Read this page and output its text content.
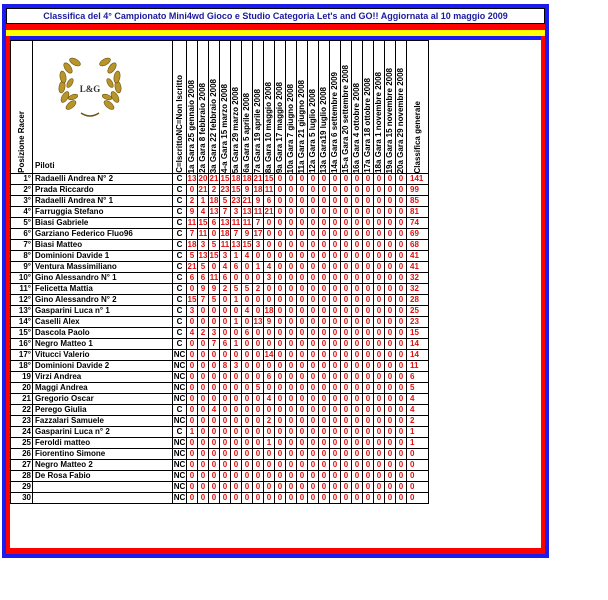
Classifica del 4° Campionato Mini4wd Gioco e Studio Categoria Let's and GO!! Aggiornata al 10 maggio 2009
Posizione Racer	L&G
Piloti	C=IscrittoNC=Non Iscritto	1a Gara 25 gennaio 2008	2a Gara 8 febbraio 2008	3a Gara 22 febbraio 2008	4-a Gara 15 marzo 2008	5a Gara 29 marzo 2008	6a Gara 5 aprile 2008	7a Gara 19 aprile 2008	8a Gara 10 maggio 2008	9a Gara 17 maggio 2008	10a Gara 7 giugno 2008	11a Gara 21 giugno 2008	12a Gara 5 luglio 2008	13a Gara19 luglio 2008	14a Gara 6 settembre 2009	15-a Gara 20 settembre 2008	16a Gara 4 ottobre 2008	17a Gara 18 ottobre 2008	18a Gara 1 novembre 2008	19a Gara 15 novembre 2008	20a Gara 29 novembre 2008	Classifica generale

1°	Radaelli Andrea N° 2	C	13	20	21	15	18	18	21	15	0	0	0	0	0	0	0	0	0	0	0	0	141
2°	Prada Riccardo	C	0	21	2	23	15	9	18	11	0	0	0	0	0	0	0	0	0	0	0	0	99
3°	Radaelli Andrea N° 1	C	2	1	18	5	23	21	9	6	0	0	0	0	0	0	0	0	0	0	0	0	85
4°	Farruggia Stefano	C	9	4	13	7	3	13	11	21	0	0	0	0	0	0	0	0	0	0	0	0	81
5°	Biasi Gabriele	C	11	15	6	13	11	11	7	0	0	0	0	0	0	0	0	0	0	0	0	0	74
6°	Garziano Federico Fluo96	C	7	11	0	18	7	9	17	0	0	0	0	0	0	0	0	0	0	0	0	0	69
7°	Biasi Matteo	C	18	3	5	11	13	15	3	0	0	0	0	0	0	0	0	0	0	0	0	0	68
8°	Dominioni Davide 1	C	5	13	15	3	1	4	0	0	0	0	0	0	0	0	0	0	0	0	0	0	41
9°	Ventura Massimiliano	C	21	5	0	4	6	0	1	4	0	0	0	0	0	0	0	0	0	0	0	0	41
10°	Gino Alessandro N° 1	C	6	6	11	6	0	0	0	3	0	0	0	0	0	0	0	0	0	0	0	0	32
11°	Felicetta Mattia	C	0	9	9	2	5	5	2	0	0	0	0	0	0	0	0	0	0	0	0	0	32
12°	Gino Alessandro N° 2	C	15	7	5	0	1	0	0	0	0	0	0	0	0	0	0	0	0	0	0	0	28
13°	Gasparini Luca n° 1	C	3	0	0	0	0	4	0	18	0	0	0	0	0	0	0	0	0	0	0	0	25
14°	Caselli Alex	C	0	0	0	0	1	0	13	9	0	0	0	0	0	0	0	0	0	0	0	0	23
15°	Dascola Paolo	C	4	2	3	0	0	6	0	0	0	0	0	0	0	0	0	0	0	0	0	0	15
16°	Negro Matteo 1	C	0	0	7	6	1	0	0	0	0	0	0	0	0	0	0	0	0	0	0	0	14
17°	Vitucci Valerio	NC	0	0	0	0	0	0	0	14	0	0	0	0	0	0	0	0	0	0	0	0	14
18°	Dominioni Davide 2	NC	0	0	0	8	3	0	0	0	0	0	0	0	0	0	0	0	0	0	0	0	11
19	Virzi Andrea	NC	0	0	0	0	0	0	0	6	0	0	0	0	0	0	0	0	0	0	0	0	6
20	Maggi Andrea	NC	0	0	0	0	0	0	5	0	0	0	0	0	0	0	0	0	0	0	0	0	5
21	Gregorio Oscar	NC	0	0	0	0	0	0	0	4	0	0	0	0	0	0	0	0	0	0	0	0	4
22	Perego Giulia	C	0	0	4	0	0	0	0	0	0	0	0	0	0	0	0	0	0	0	0	0	4
23	Fazzalari Samuele	NC	0	0	0	0	0	0	0	2	0	0	0	0	0	0	0	0	0	0	0	0	2
24	Gasparini Luca n° 2	C	1	0	0	0	0	0	0	0	0	0	0	0	0	0	0	0	0	0	0	0	1
25	Feroldi matteo	NC	0	0	0	0	0	0	0	1	0	0	0	0	0	0	0	0	0	0	0	0	1
26	Fiorentino Simone	NC	0	0	0	0	0	0	0	0	0	0	0	0	0	0	0	0	0	0	0	0	0
27	Negro Matteo 2	NC	0	0	0	0	0	0	0	0	0	0	0	0	0	0	0	0	0	0	0	0	0
28	De Rosa Fabio	NC	0	0	0	0	0	0	0	0	0	0	0	0	0	0	0	0	0	0	0	0	0
29		NC	0	0	0	0	0	0	0	0	0	0	0	0	0	0	0	0	0	0	0	0	0
30		NC	0	0	0	0	0	0	0	0	0	0	0	0	0	0	0	0	0	0	0	0	0
